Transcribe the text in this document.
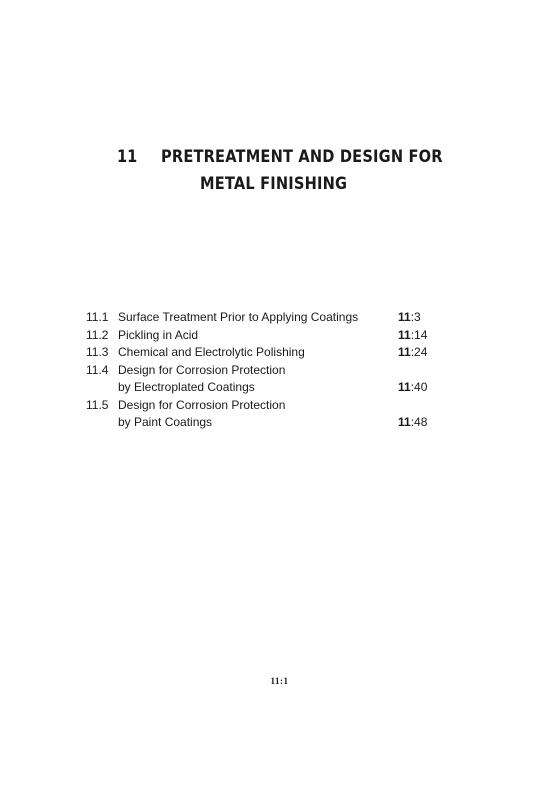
11 PRETREATMENT AND DESIGN FOR
METAL FINISHING
11.1 Surface Treatment Prior to Applying Coatings	11:3
11.2 Pickling in Acid	11:14
11.3 Chemical and Electrolytic Polishing	11:24
11.4 Design for Corrosion Protection
by Electroplated Coatings	11:40
11.5 Design for Corrosion Protection
by Paint Coatings	11:48
11:1
